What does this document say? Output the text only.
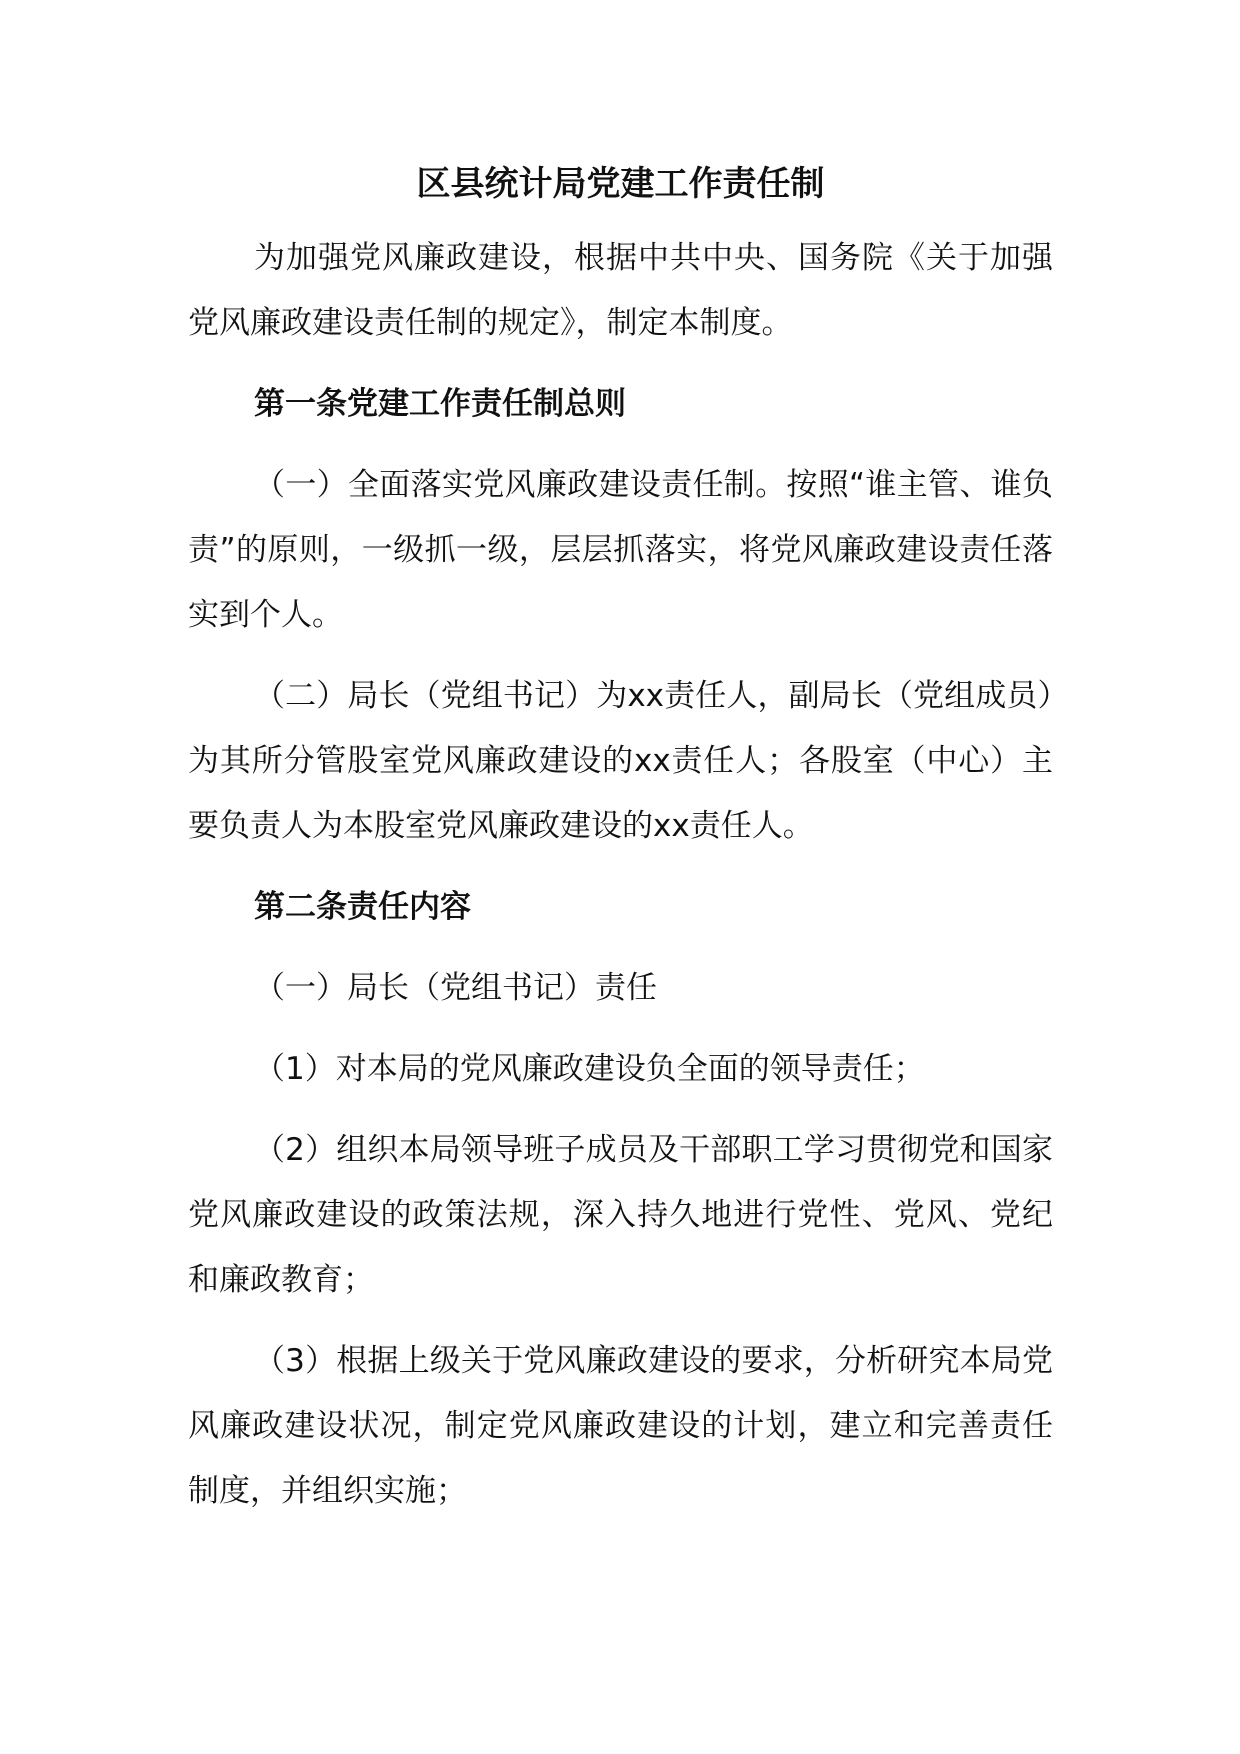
区县统计局党建工作责任制

为加强党风廉政建设，根据中共中央、国务院《关于加强党风廉政建设责任制的规定》，制定本制度。

第一条党建工作责任制总则

（一）全面落实党风廉政建设责任制。按照“谁主管、谁负责”的原则，一级抓一级，层层抓落实，将党风廉政建设责任落实到个人。

（二）局长（党组书记）为xx责任人，副局长（党组成员）为其所分管股室党风廉政建设的xx责任人；各股室（中心）主要负责人为本股室党风廉政建设的xx责任人。

第二条责任内容

（一）局长（党组书记）责任

（1）对本局的党风廉政建设负全面的领导责任；

（2）组织本局领导班子成员及干部职工学习贯彻党和国家党风廉政建设的政策法规，深入持久地进行党性、党风、党纪和廉政教育；

（3）根据上级关于党风廉政建设的要求，分析研究本局党风廉政建设状况，制定党风廉政建设的计划，建立和完善责任制度，并组织实施；
